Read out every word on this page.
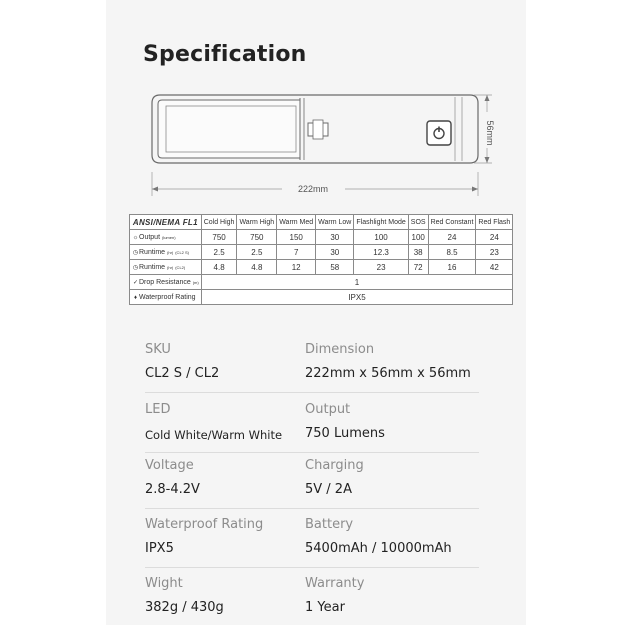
Specification
222mm
56mm
ANSI/NEMA FL1	Cold High	Warm High	Warm Med	Warm Low	Flashlight Mode	SOS	Red Constant	Red Flash
☼Output (lumen)	750	750	150	30	100	100	24	24
◷Runtime (hr) (CL2 S)	2.5	2.5	7	30	12.3	38	8.5	23
◷Runtime (hr) (CL2)	4.8	4.8	12	58	23	72	16	42
✓Drop Resistance (m)	1							
♦ Waterproof Rating	IPX5							
SKU
CL2 S / CL2
Dimension
222mm x 56mm x 56mm
LED
Cold White/Warm White
Output
750 Lumens
Voltage
2.8-4.2V
Charging
5V / 2A
Waterproof Rating
IPX5
Battery
5400mAh / 10000mAh
Wight
382g / 430g
Warranty
1 Year
